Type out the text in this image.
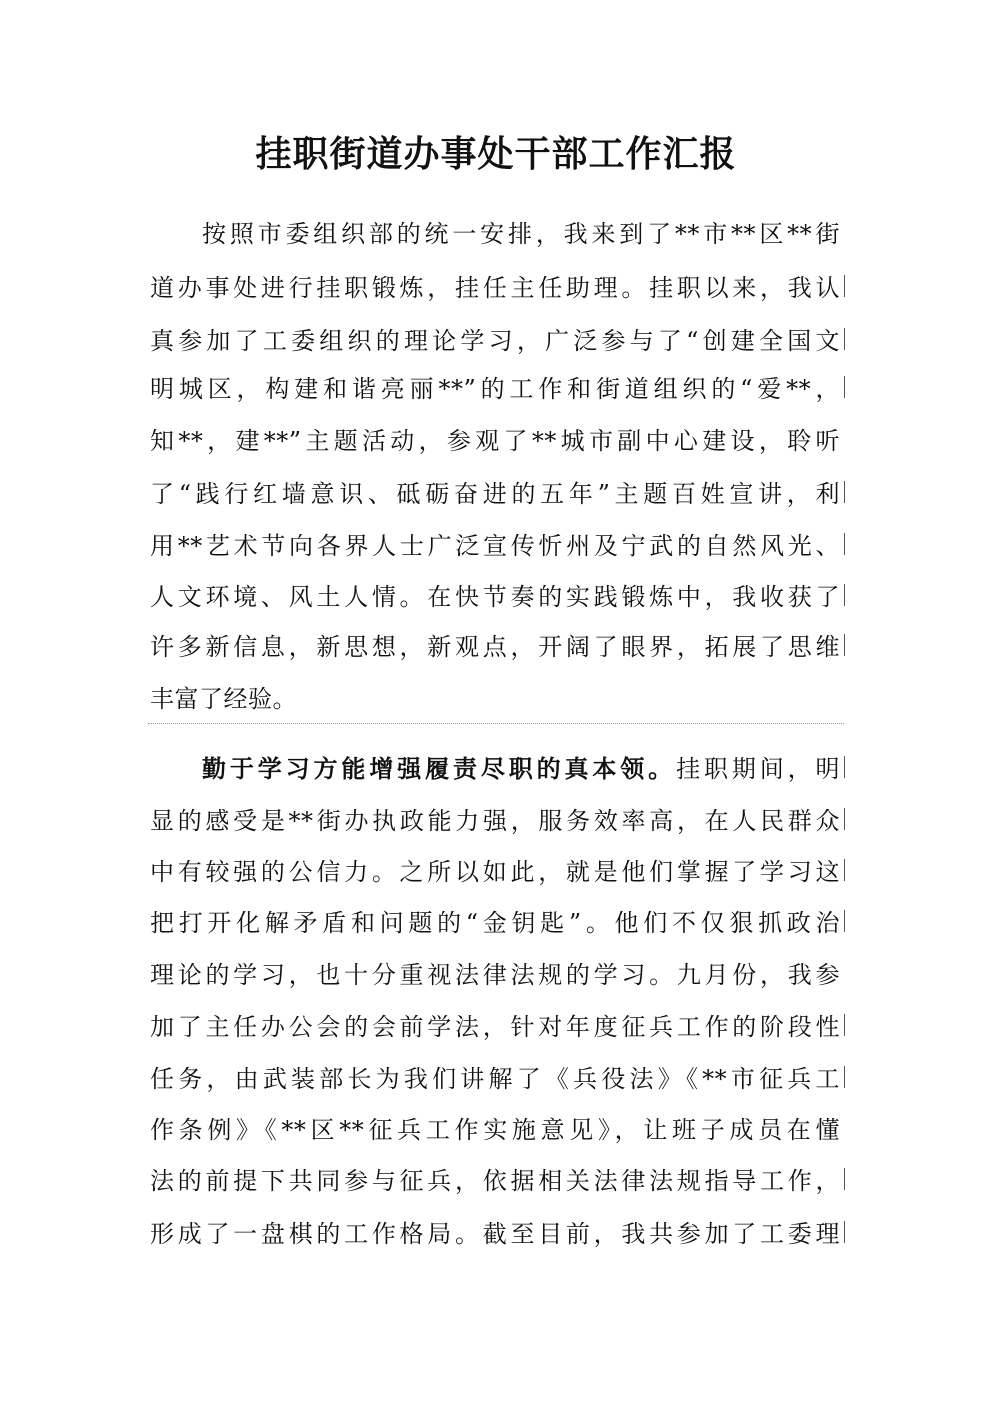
挂职街道办事处干部工作汇报
按照市委组织部的统一安排，我来到了**市**区**街
道办事处进行挂职锻炼，挂任主任助理。挂职以来，我认
真参加了工委组织的理论学习，广泛参与了“创建全国文
明城区，构建和谐亮丽**”的工作和街道组织的“爱**，
知**，建**”主题活动，参观了**城市副中心建设，聆听
了“践行红墙意识、砥砺奋进的五年”主题百姓宣讲，利
用**艺术节向各界人士广泛宣传忻州及宁武的自然风光、
人文环境、风土人情。在快节奏的实践锻炼中，我收获了
许多新信息，新思想，新观点，开阔了眼界，拓展了思维
丰富了经验。
勤于学习方能增强履责尽职的真本领。挂职期间，明
显的感受是**街办执政能力强，服务效率高，在人民群众
中有较强的公信力。之所以如此，就是他们掌握了学习这
把打开化解矛盾和问题的“金钥匙”。他们不仅狠抓政治
理论的学习，也十分重视法律法规的学习。九月份，我参
加了主任办公会的会前学法，针对年度征兵工作的阶段性
任务，由武装部长为我们讲解了《兵役法》《**市征兵工
作条例》《**区**征兵工作实施意见》，让班子成员在懂
法的前提下共同参与征兵，依据相关法律法规指导工作，
形成了一盘棋的工作格局。截至目前，我共参加了工委理
